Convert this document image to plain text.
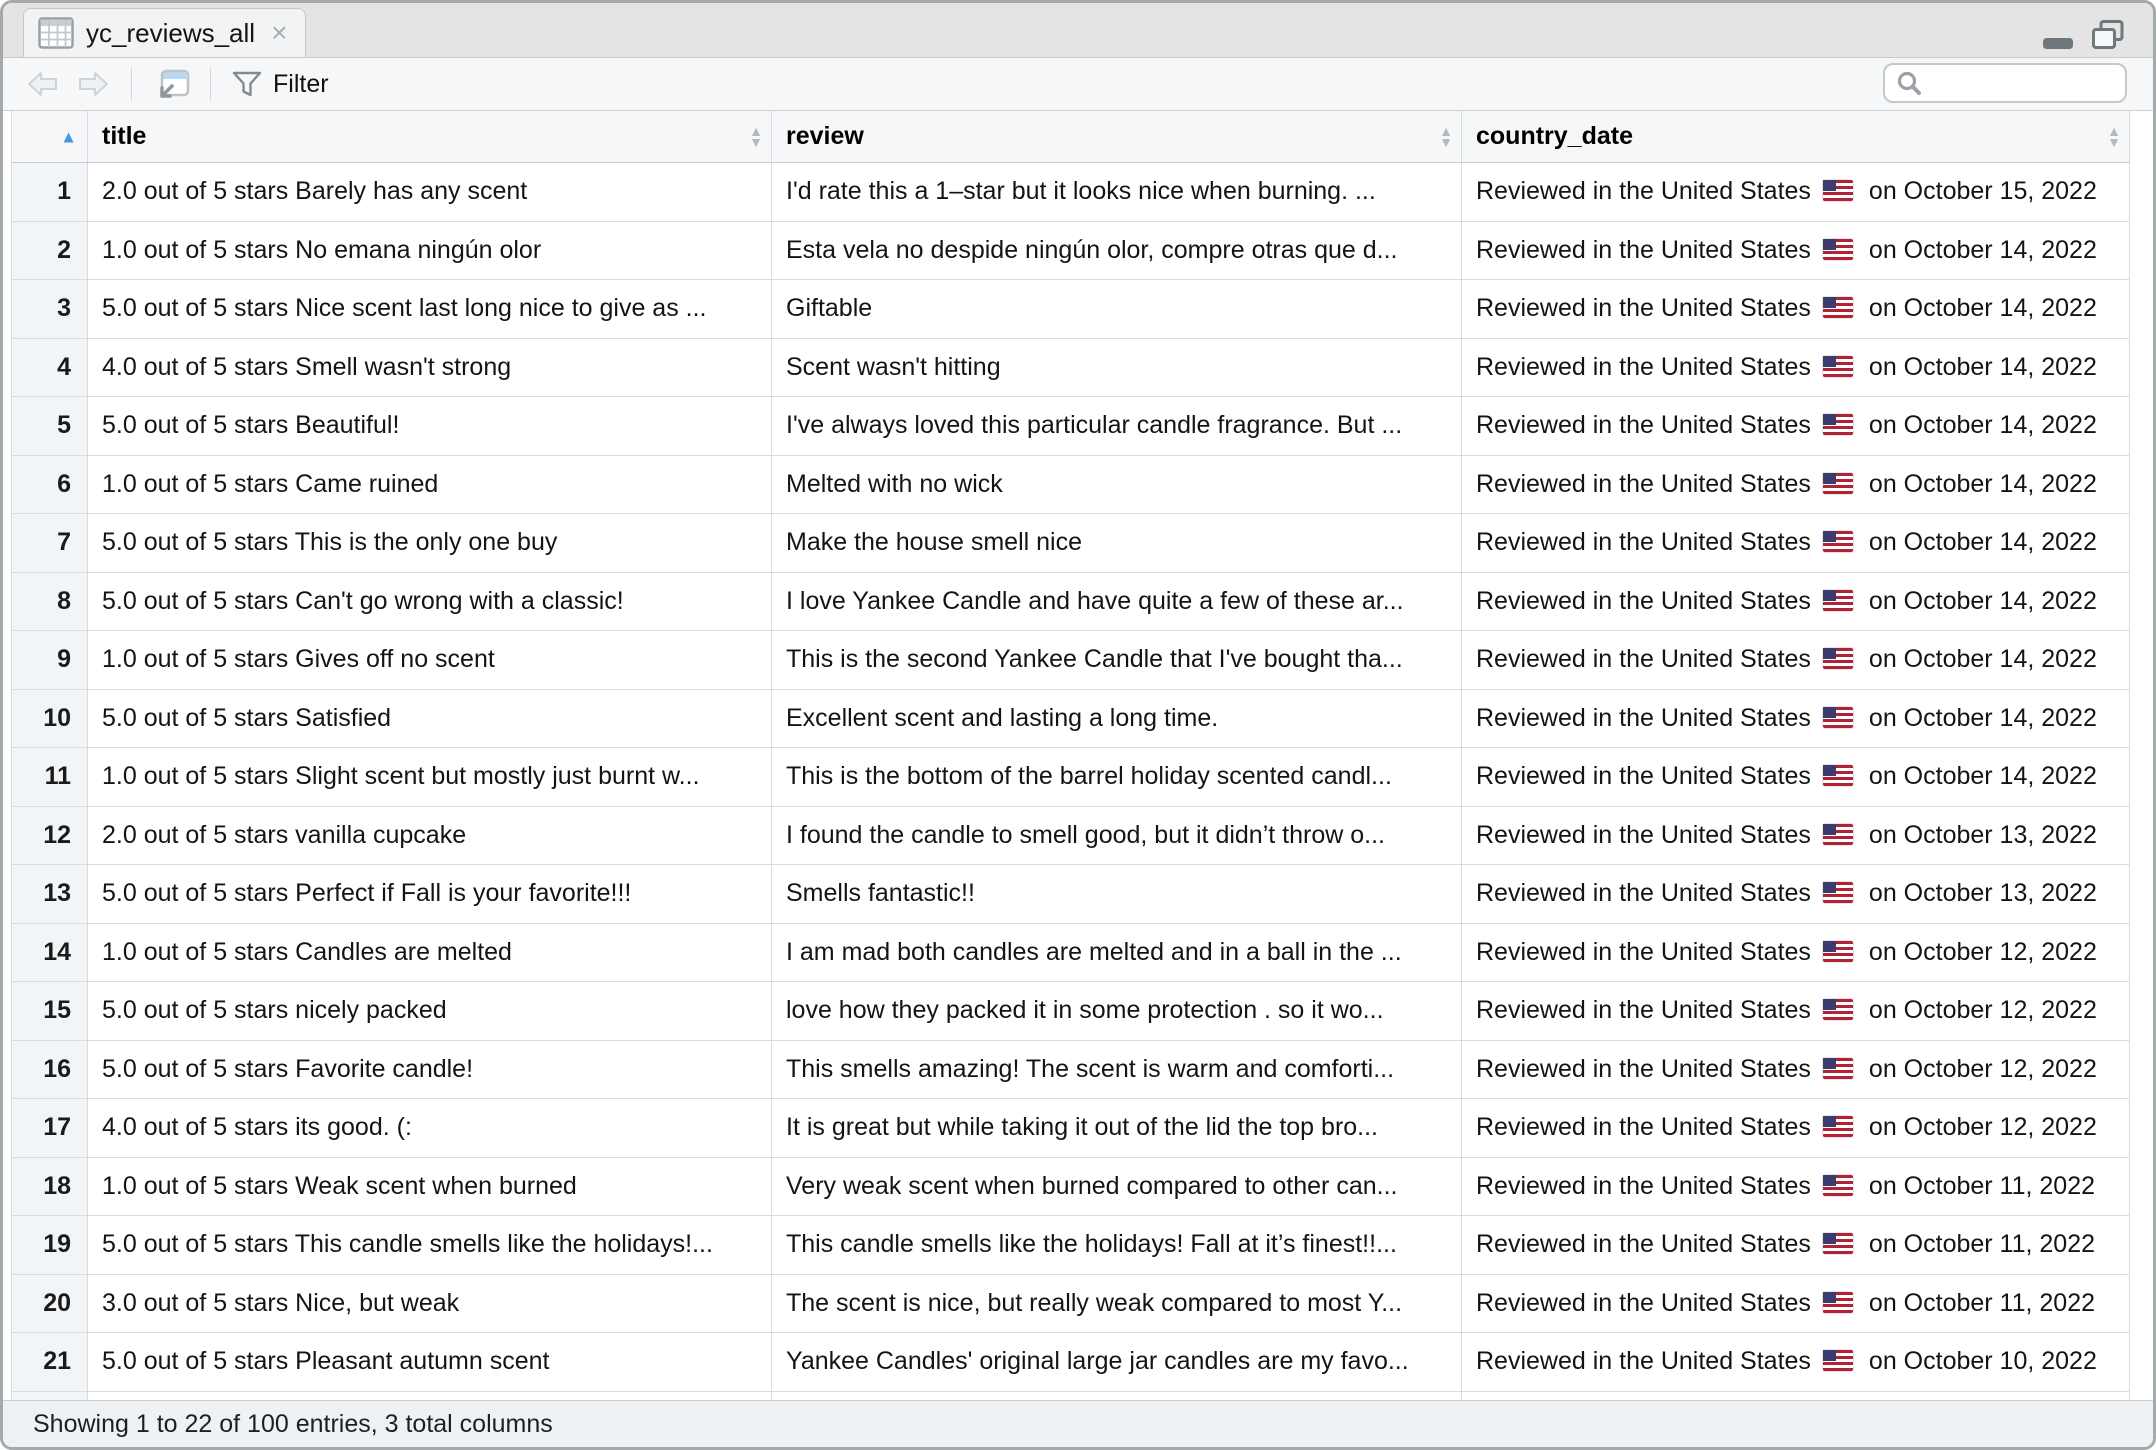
yc_reviews_all ×
Filter
▲
title ▲ ▼	review ▲ ▼	country_date
▲ ▼
1	2.0 out of 5 stars Barely has any scent	I'd rate this a 1–star but it looks nice when burning. ...	Reviewed in the United States on October 15, 2022
2	1.0 out of 5 stars No emana ningún olor	Esta vela no despide ningún olor, compre otras que d...	Reviewed in the United States on October 14, 2022
3	5.0 out of 5 stars Nice scent last long nice to give as ...	Giftable	Reviewed in the United States on October 14, 2022
4	4.0 out of 5 stars Smell wasn't strong	Scent wasn't hitting	Reviewed in the United States on October 14, 2022
5	5.0 out of 5 stars Beautiful!	I've always loved this particular candle fragrance. But ...	Reviewed in the United States on October 14, 2022
6	1.0 out of 5 stars Came ruined	Melted with no wick	Reviewed in the United States on October 14, 2022
7	5.0 out of 5 stars This is the only one buy	Make the house smell nice	Reviewed in the United States on October 14, 2022
8	5.0 out of 5 stars Can't go wrong with a classic!	I love Yankee Candle and have quite a few of these ar...	Reviewed in the United States on October 14, 2022
9	1.0 out of 5 stars Gives off no scent	This is the second Yankee Candle that I've bought tha...	Reviewed in the United States on October 14, 2022
10	5.0 out of 5 stars Satisfied	Excellent scent and lasting a long time.	Reviewed in the United States on October 14, 2022
11	1.0 out of 5 stars Slight scent but mostly just burnt w...	This is the bottom of the barrel holiday scented candl...	Reviewed in the United States on October 14, 2022
12	2.0 out of 5 stars vanilla cupcake	I found the candle to smell good, but it didn’t throw o...	Reviewed in the United States on October 13, 2022
13	5.0 out of 5 stars Perfect if Fall is your favorite!!!	Smells fantastic!!	Reviewed in the United States on October 13, 2022
14	1.0 out of 5 stars Candles are melted	I am mad both candles are melted and in a ball in the ...	Reviewed in the United States on October 12, 2022
15	5.0 out of 5 stars nicely packed	love how they packed it in some protection . so it wo...	Reviewed in the United States on October 12, 2022
16	5.0 out of 5 stars Favorite candle!	This smells amazing! The scent is warm and comforti...	Reviewed in the United States on October 12, 2022
17	4.0 out of 5 stars its good. (:	It is great but while taking it out of the lid the top bro...	Reviewed in the United States on October 12, 2022
18	1.0 out of 5 stars Weak scent when burned	Very weak scent when burned compared to other can...	Reviewed in the United States on October 11, 2022
19	5.0 out of 5 stars This candle smells like the holidays!...	This candle smells like the holidays! Fall at it’s finest!!...	Reviewed in the United States on October 11, 2022
20	3.0 out of 5 stars Nice, but weak	The scent is nice, but really weak compared to most Y...	Reviewed in the United States on October 11, 2022
21	5.0 out of 5 stars Pleasant autumn scent	Yankee Candles' original large jar candles are my favo...	Reviewed in the United States on October 10, 2022
Showing 1 to 22 of 100 entries, 3 total columns
